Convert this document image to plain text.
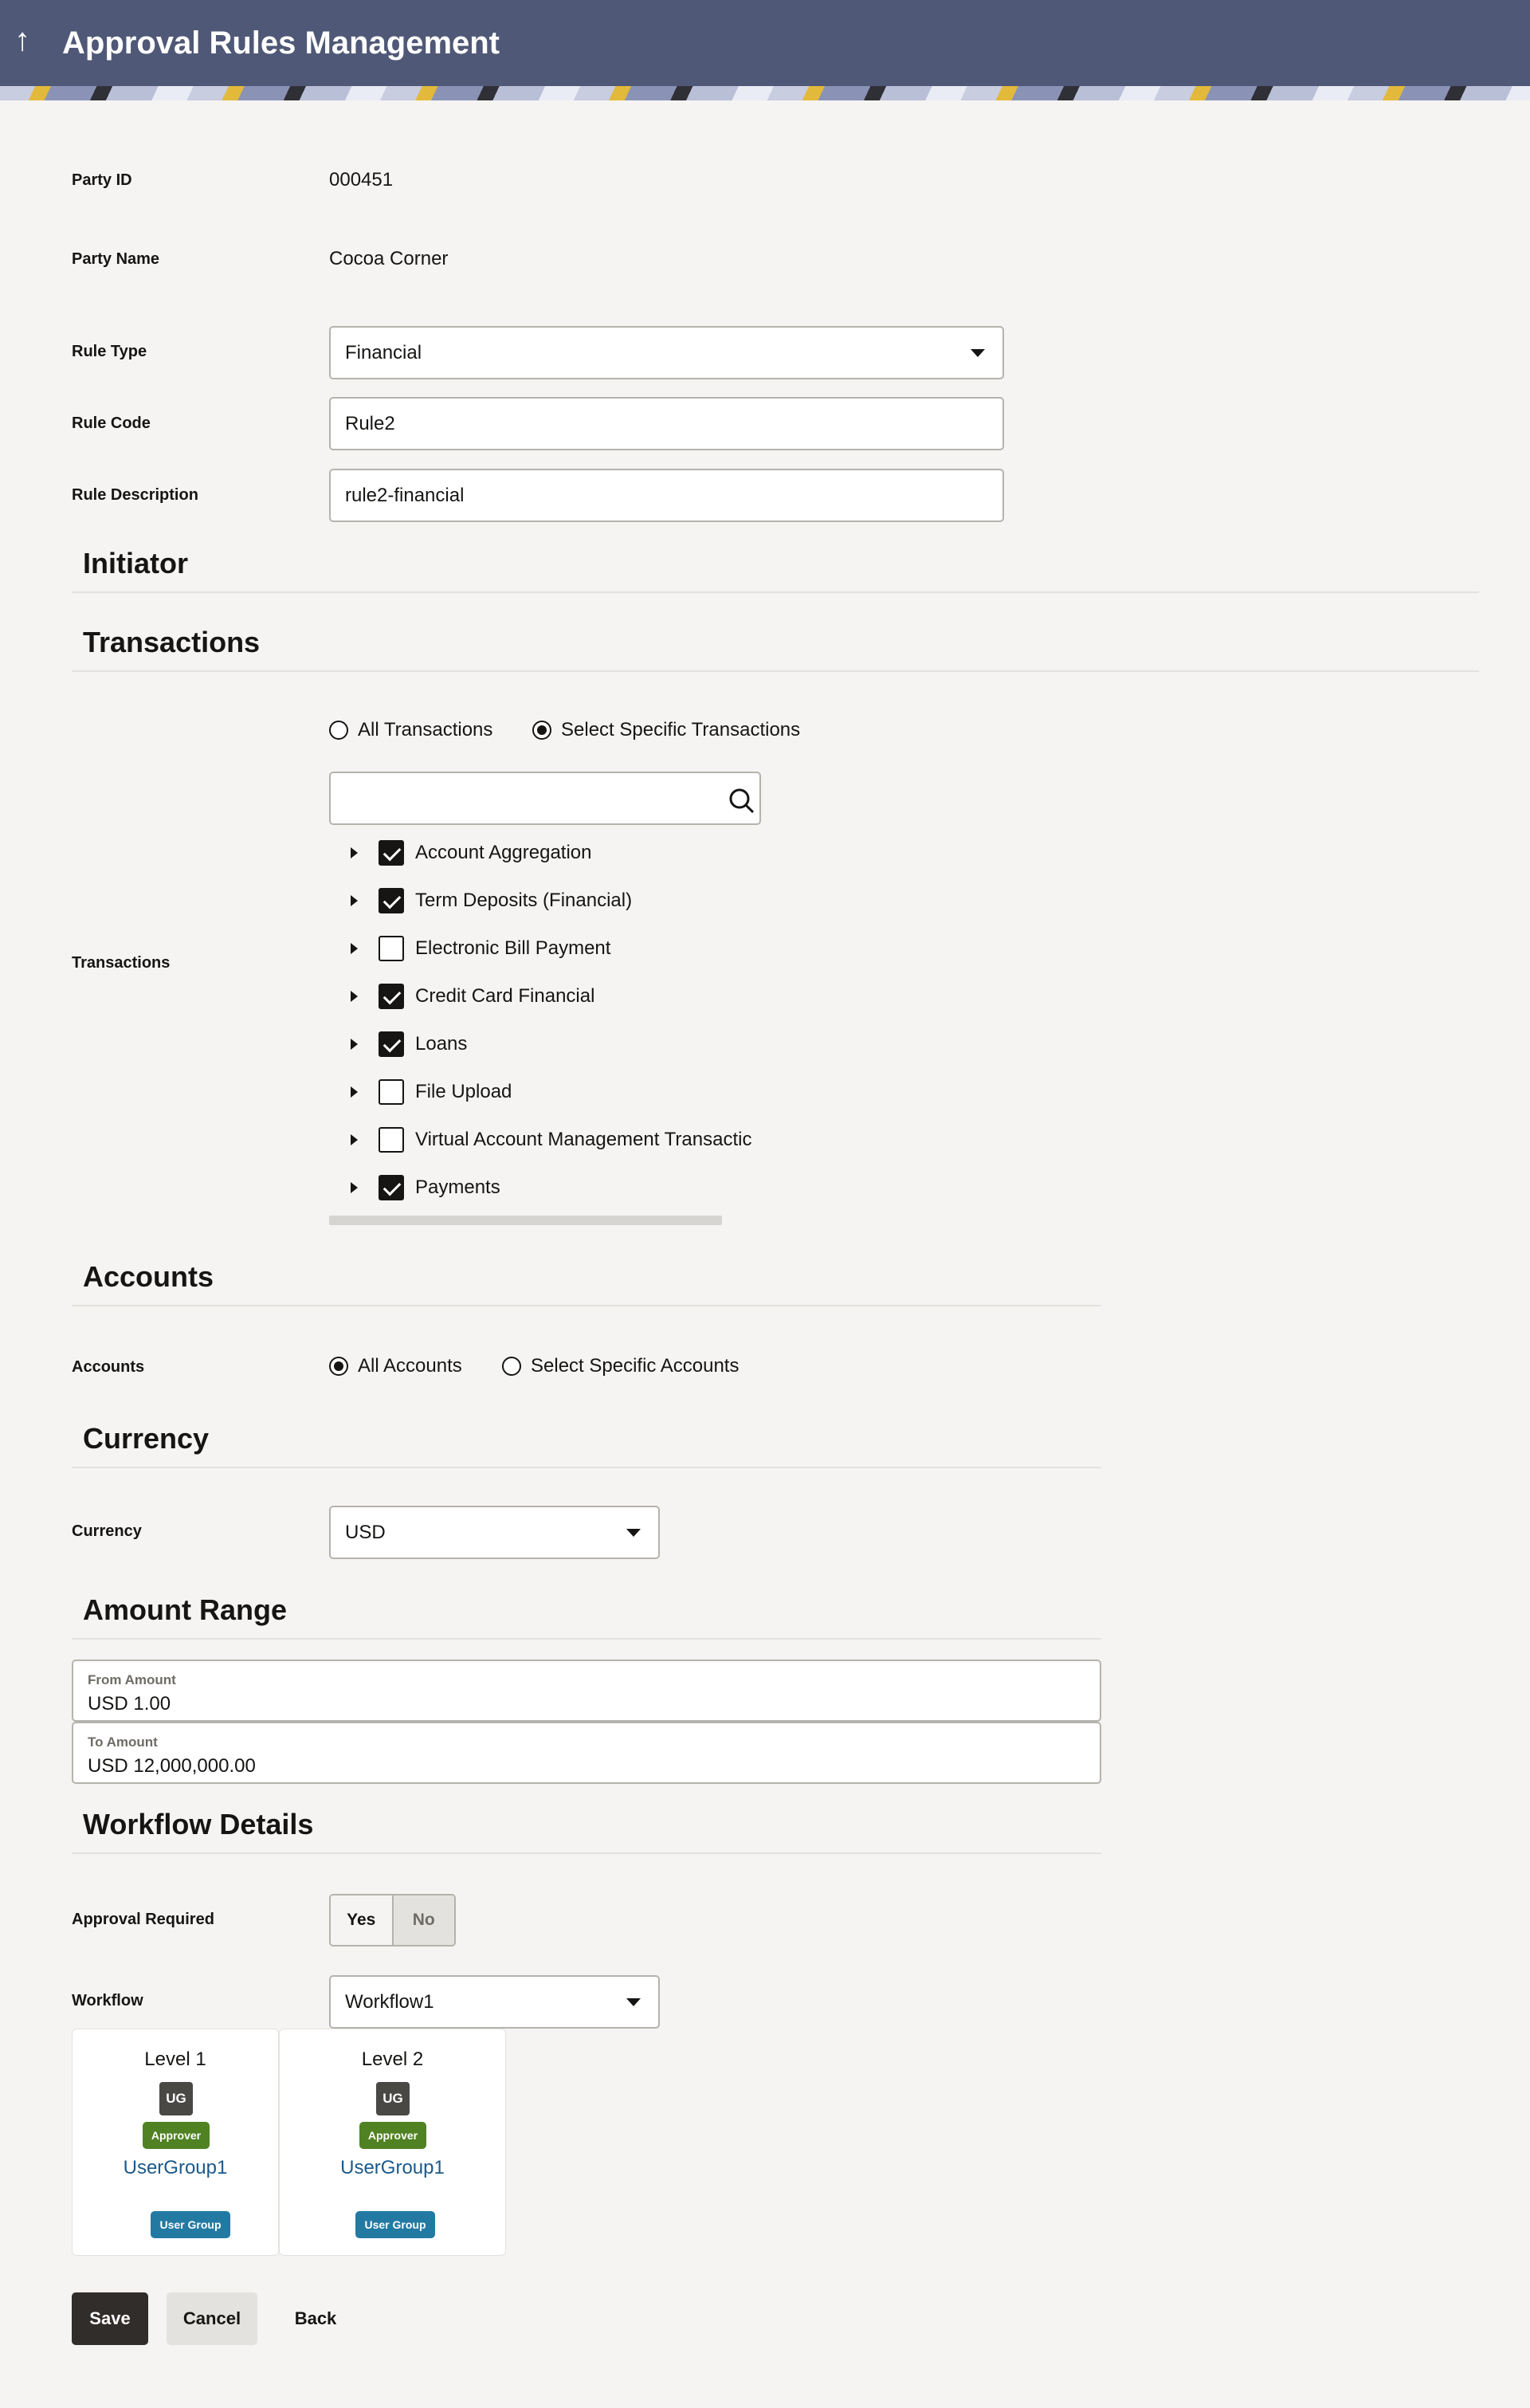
↑ Approval Rules Management
Party ID	000451
Party Name	Cocoa Corner
Rule Type	Financial
Rule Code	Rule2
Rule Description	rule2-financial
Initiator
Transactions
All Transactions	Select Specific Transactions
Transactions
Account Aggregation
Term Deposits (Financial)
Electronic Bill Payment
Credit Card Financial
Loans
File Upload
Virtual Account Management Transactic
Payments
Accounts
Accounts	All Accounts	Select Specific Accounts
Currency
Currency	USD
Amount Range
From Amount
USD 1.00
To Amount
USD 12,000,000.00
Workflow Details
Approval Required	Yes	No
Workflow	Workflow1
Level 1
UG
Approver
UserGroup1
User Group
Level 2
UG
Approver
UserGroup1
User Group
Save	Cancel	Back
